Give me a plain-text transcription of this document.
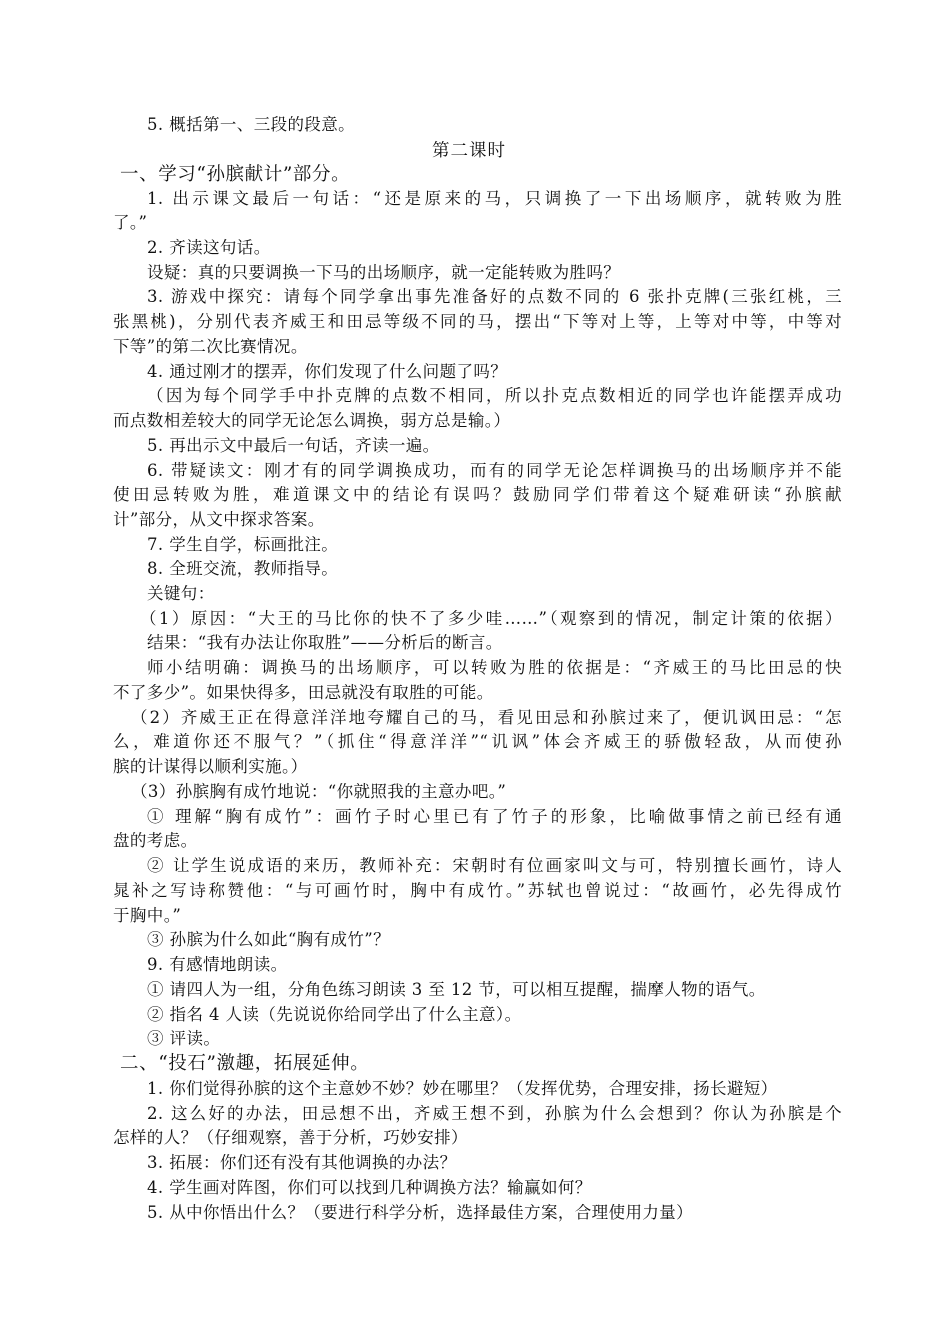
5. 概括第一、三段的段意。
第二课时
一、学习“孙膑献计”部分。
1. 出示课文最后一句话：“还是原来的马，只调换了一下出场顺序，就转败为胜
了。”
2. 齐读这句话。
设疑：真的只要调换一下马的出场顺序，就一定能转败为胜吗？
3. 游戏中探究：请每个同学拿出事先准备好的点数不同的 6 张扑克牌(三张红桃，三
张黑桃)，分别代表齐威王和田忌等级不同的马，摆出“下等对上等，上等对中等，中等对
下等”的第二次比赛情况。
4. 通过刚才的摆弄，你们发现了什么问题了吗？
（因为每个同学手中扑克牌的点数不相同，所以扑克点数相近的同学也许能摆弄成功
而点数相差较大的同学无论怎么调换，弱方总是输。）
5. 再出示文中最后一句话，齐读一遍。
6. 带疑读文：刚才有的同学调换成功，而有的同学无论怎样调换马的出场顺序并不能
使田忌转败为胜，难道课文中的结论有误吗？鼓励同学们带着这个疑难研读“孙膑献
计”部分，从文中探求答案。
7. 学生自学，标画批注。
8. 全班交流，教师指导。
关键句：
（1）原因：“大王的马比你的快不了多少哇……”（观察到的情况，制定计策的依据）
结果：“我有办法让你取胜”——分析后的断言。
师小结明确：调换马的出场顺序，可以转败为胜的依据是：“齐威王的马比田忌的快
不了多少”。如果快得多，田忌就没有取胜的可能。
（2）齐威王正在得意洋洋地夸耀自己的马，看见田忌和孙膑过来了，便讥讽田忌：“怎
么，难道你还不服气？”（抓住“得意洋洋”“讥讽”体会齐威王的骄傲轻敌，从而使孙
膑的计谋得以顺利实施。）
（3）孙膑胸有成竹地说：“你就照我的主意办吧。”
① 理解“胸有成竹”：画竹子时心里已有了竹子的形象，比喻做事情之前已经有通
盘的考虑。
② 让学生说成语的来历，教师补充：宋朝时有位画家叫文与可，特别擅长画竹，诗人
晁补之写诗称赞他：“与可画竹时，胸中有成竹。”苏轼也曾说过：“故画竹，必先得成竹
于胸中。”
③ 孙膑为什么如此“胸有成竹”？
9. 有感情地朗读。
① 请四人为一组，分角色练习朗读 3 至 12 节，可以相互提醒，揣摩人物的语气。
② 指名 4 人读（先说说你给同学出了什么主意）。
③ 评读。
二、“投石”激趣，拓展延伸。
1. 你们觉得孙膑的这个主意妙不妙？妙在哪里？（发挥优势，合理安排，扬长避短）
2. 这么好的办法，田忌想不出，齐威王想不到，孙膑为什么会想到？你认为孙膑是个
怎样的人？（仔细观察，善于分析，巧妙安排）
3. 拓展：你们还有没有其他调换的办法？
4. 学生画对阵图，你们可以找到几种调换方法？输赢如何？
5. 从中你悟出什么？（要进行科学分析，选择最佳方案，合理使用力量）
